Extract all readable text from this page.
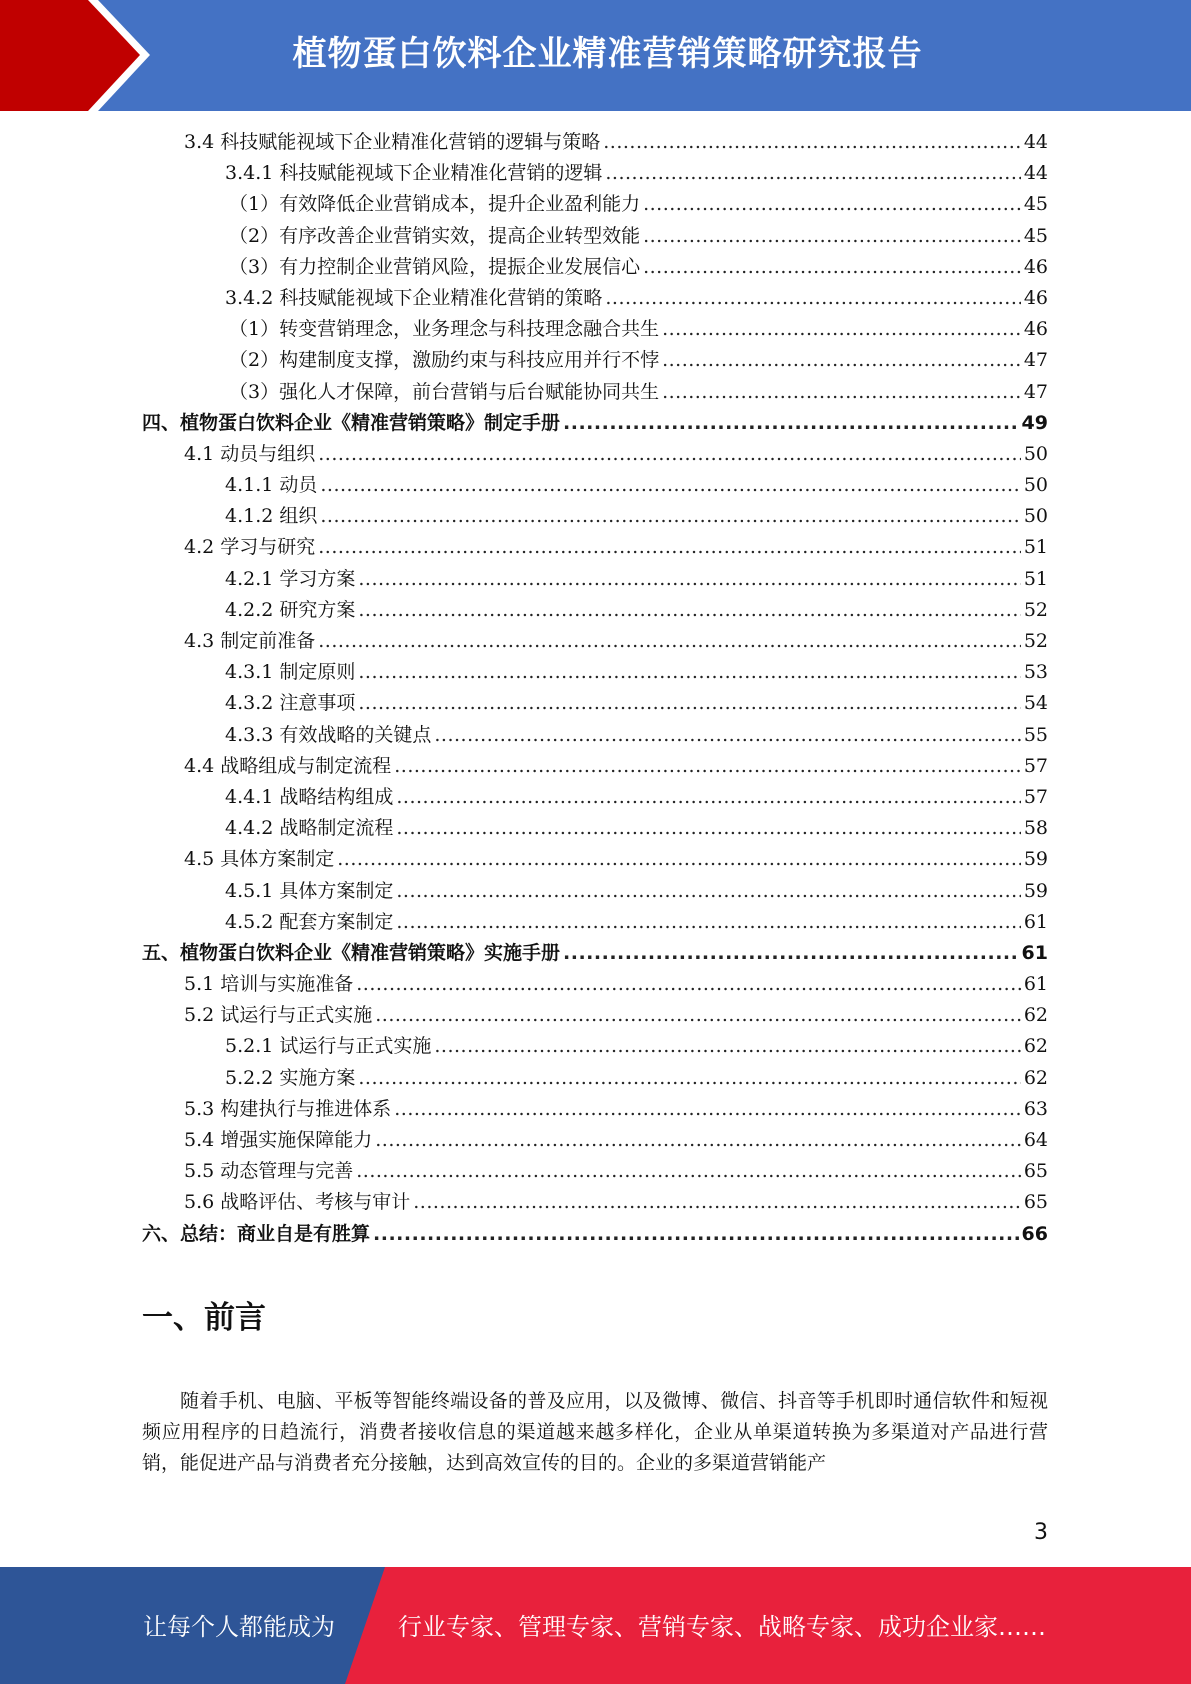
植物蛋白饮料企业精准营销策略研究报告
3.4 科技赋能视域下企业精准化营销的逻辑与策略 .....	44
3.4.1 科技赋能视域下企业精准化营销的逻辑 .....	44
（1）有效降低企业营销成本，提升企业盈利能力 .....	45
（2）有序改善企业营销实效，提高企业转型效能 .....	45
（3）有力控制企业营销风险，提振企业发展信心 .....	46
3.4.2 科技赋能视域下企业精准化营销的策略 .....	46
（1）转变营销理念，业务理念与科技理念融合共生 .....	46
（2）构建制度支撑，激励约束与科技应用并行不悖 .....	47
（3）强化人才保障，前台营销与后台赋能协同共生 .....	47
四、植物蛋白饮料企业《精准营销策略》制定手册 .....	49
4.1 动员与组织 .....	50
4.1.1 动员 .....	50
4.1.2 组织 .....	50
4.2 学习与研究 .....	51
4.2.1 学习方案 .....	51
4.2.2 研究方案 .....	52
4.3 制定前准备 .....	52
4.3.1 制定原则 .....	53
4.3.2 注意事项 .....	54
4.3.3 有效战略的关键点 .....	55
4.4 战略组成与制定流程 .....	57
4.4.1 战略结构组成 .....	57
4.4.2 战略制定流程 .....	58
4.5 具体方案制定 .....	59
4.5.1 具体方案制定 .....	59
4.5.2 配套方案制定 .....	61
五、植物蛋白饮料企业《精准营销策略》实施手册 .....	61
5.1 培训与实施准备 .....	61
5.2 试运行与正式实施 .....	62
5.2.1 试运行与正式实施 .....	62
5.2.2 实施方案 .....	62
5.3 构建执行与推进体系 .....	63
5.4 增强实施保障能力 .....	64
5.5 动态管理与完善 .....	65
5.6 战略评估、考核与审计 .....	65
六、总结：商业自是有胜算 .....	66
一、前言
随着手机、电脑、平板等智能终端设备的普及应用，以及微博、微信、抖音等手机即时通信软件和短视频应用程序的日趋流行，消费者接收信息的渠道越来越多样化，企业从单渠道转换为多渠道对产品进行营销，能促进产品与消费者充分接触，达到高效宣传的目的。企业的多渠道营销能产
3
让每个人都能成为	行业专家、管理专家、营销专家、战略专家、成功企业家……
